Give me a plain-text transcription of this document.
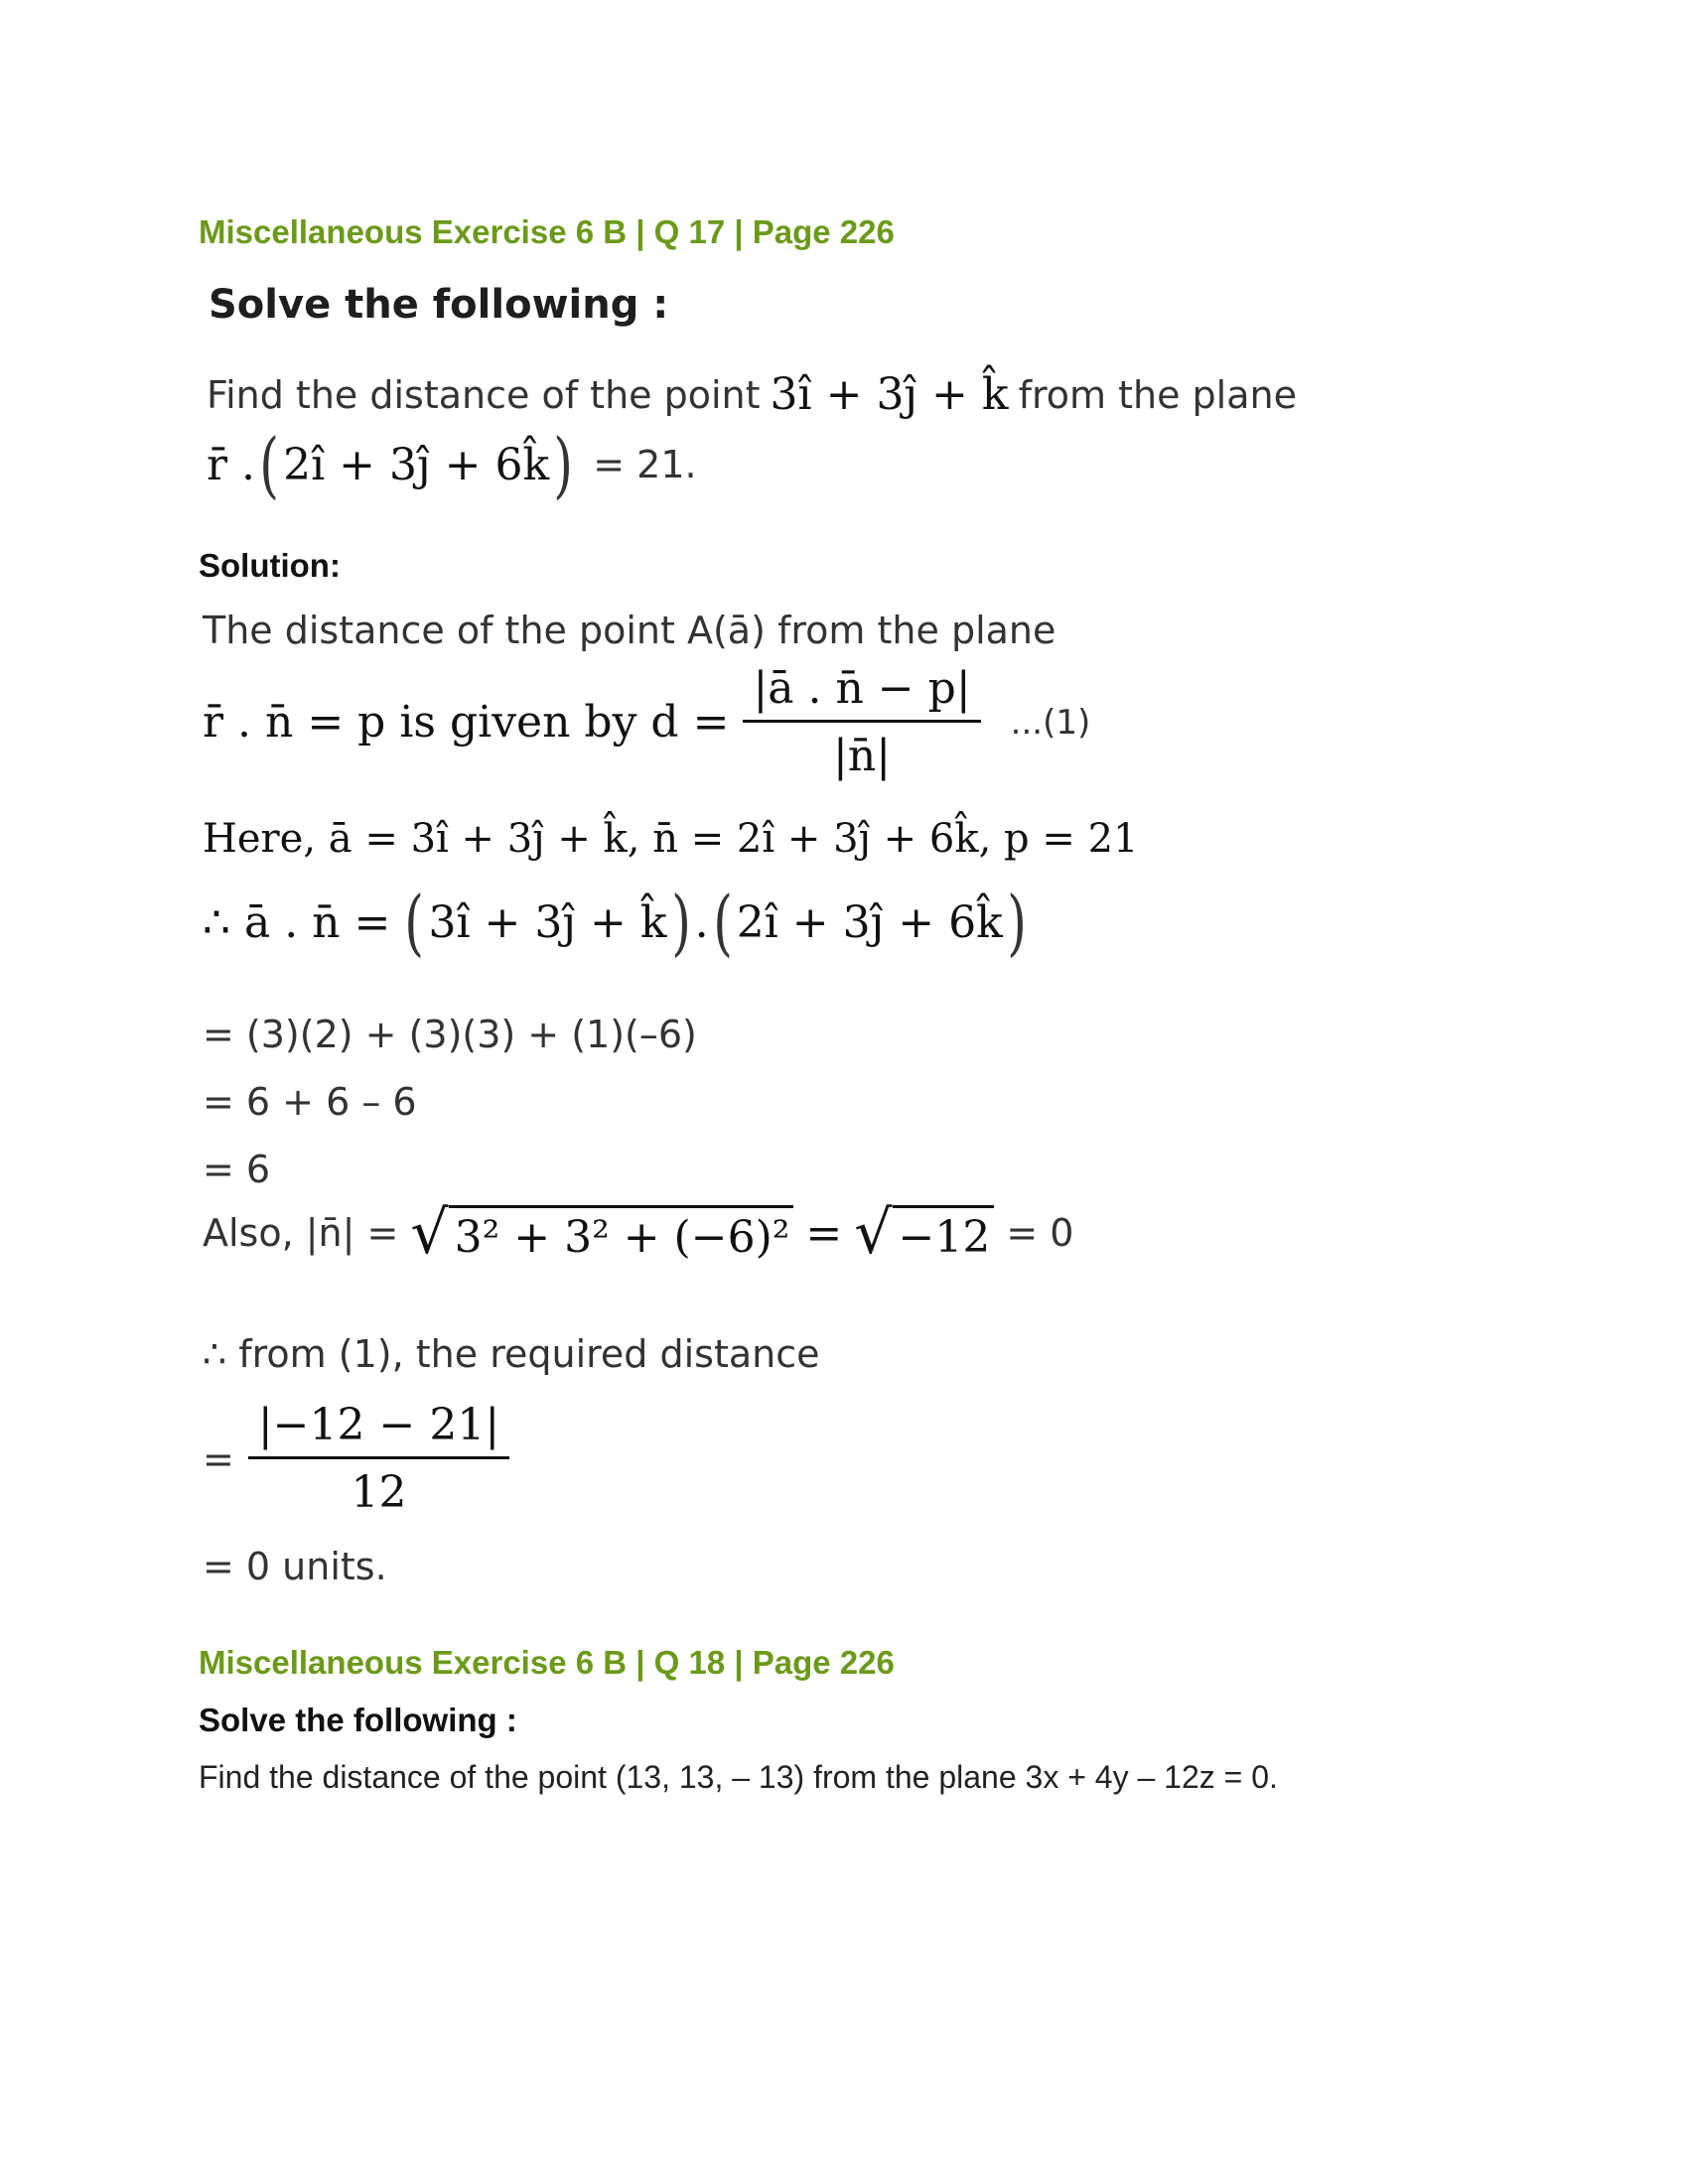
Miscellaneous Exercise 6 B | Q 17 | Page 226
Solve the following :
Find the distance of the point 3î + 3ĵ + k̂ from the plane
r̄ . ( 2î + 3ĵ + 6k̂ ) = 21.
Solution:
The distance of the point A(ā) from the plane
r̄ . n̄ = p is given by $d = \frac{|ā . n̄ - p|}{|n̄|} ...(1)$
Here, ā = 3î + 3ĵ + k̂, n̄ = 2î + 3ĵ + 6k̂, p = 21
∴ ā . n̄ = ( 3î + 3ĵ + k̂ ) . ( 2î + 3ĵ + 6k̂ )
= (3)(2) + (3)(3) + (1)(–6)
= 6 + 6 – 6
= 6
Also, |n̄| = √ 3² + 3² + (−6)² = √ −12 = 0
∴ from (1), the required distance
= $\frac{|-12 - 21|}{12}$
= 0 units.
Miscellaneous Exercise 6 B | Q 18 | Page 226
Solve the following :
Find the distance of the point (13, 13, – 13) from the plane 3x + 4y – 12z = 0.
